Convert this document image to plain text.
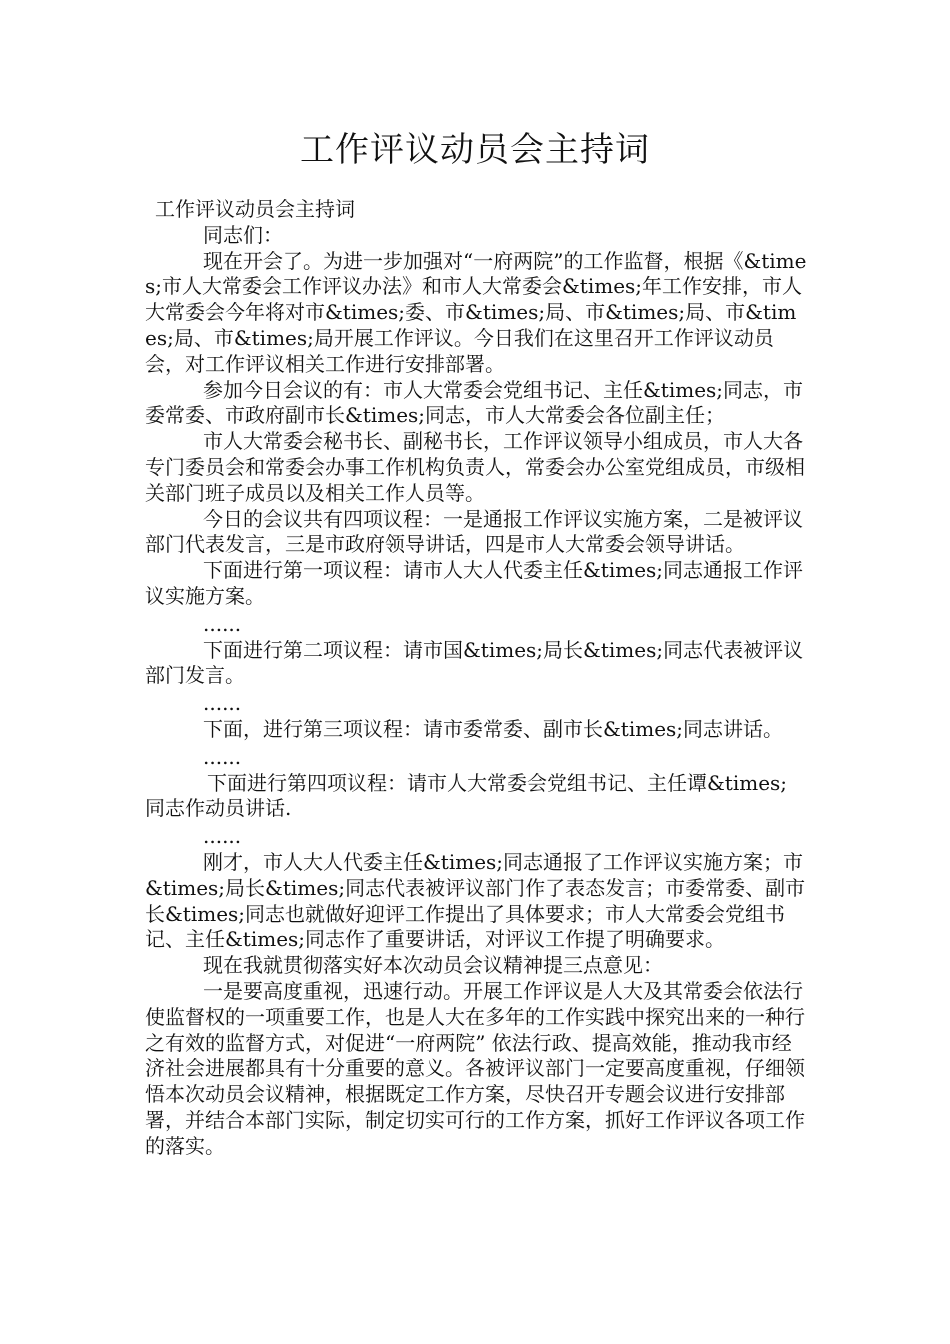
工作评议动员会主持词

工作评议动员会主持词

同志们：

现在开会了。为进一步加强对“一府两院”的工作监督，根据《&times;市人大常委会工作评议办法》和市人大常委会&times;年工作安排，市人大常委会今年将对市&times;委、市&times;局、市&times;局、市&times;局、市&times;局开展工作评议。今日我们在这里召开工作评议动员会，对工作评议相关工作进行安排部署。

参加今日会议的有：市人大常委会党组书记、主任&times;同志，市委常委、市政府副市长&times;同志，市人大常委会各位副主任；

市人大常委会秘书长、副秘书长，工作评议领导小组成员，市人大各专门委员会和常委会办事工作机构负责人，常委会办公室党组成员，市级相关部门班子成员以及相关工作人员等。

今日的会议共有四项议程：一是通报工作评议实施方案，二是被评议部门代表发言，三是市政府领导讲话，四是市人大常委会领导讲话。

下面进行第一项议程：请市人大人代委主任&times;同志通报工作评议实施方案。

......

下面进行第二项议程：请市国&times;局长&times;同志代表被评议部门发言。

......

下面，进行第三项议程：请市委常委、副市长&times;同志讲话。

......

下面进行第四项议程：请市人大常委会党组书记、主任谭&times;同志作动员讲话.

......

刚才，市人大人代委主任&times;同志通报了工作评议实施方案；市&times;局长&times;同志代表被评议部门作了表态发言；市委常委、副市长&times;同志也就做好迎评工作提出了具体要求；市人大常委会党组书记、主任&times;同志作了重要讲话，对评议工作提了明确要求。

现在我就贯彻落实好本次动员会议精神提三点意见：

一是要高度重视，迅速行动。开展工作评议是人大及其常委会依法行使监督权的一项重要工作，也是人大在多年的工作实践中探究出来的一种行之有效的监督方式，对促进“一府两院” 依法行政、提高效能，推动我市经济社会进展都具有十分重要的意义。各被评议部门一定要高度重视，仔细领悟本次动员会议精神，根据既定工作方案，尽快召开专题会议进行安排部署，并结合本部门实际，制定切实可行的工作方案，抓好工作评议各项工作的落实。
